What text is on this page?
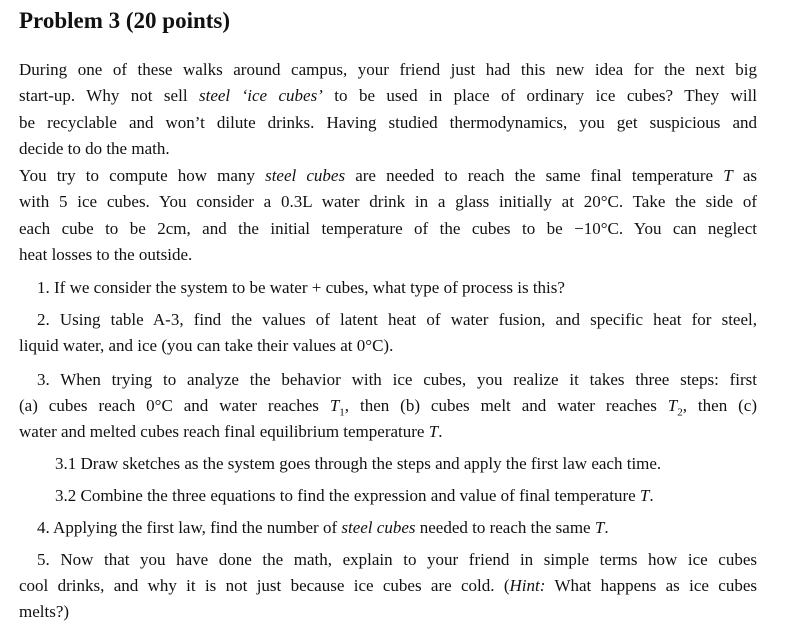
Problem 3 (20 points)
During one of these walks around campus, your friend just had this new idea for the next big
start-up. Why not sell steel ‘ice cubes’ to be used in place of ordinary ice cubes? They will
be recyclable and won’t dilute drinks. Having studied thermodynamics, you get suspicious and
decide to do the math.
You try to compute how many steel cubes are needed to reach the same final temperature T as
with 5 ice cubes. You consider a 0.3L water drink in a glass initially at 20°C. Take the side of
each cube to be 2cm, and the initial temperature of the cubes to be −10°C. You can neglect
heat losses to the outside.
1. If we consider the system to be water + cubes, what type of process is this?
2. Using table A-3, find the values of latent heat of water fusion, and specific heat for steel,
liquid water, and ice (you can take their values at 0°C).
3. When trying to analyze the behavior with ice cubes, you realize it takes three steps: first
(a) cubes reach 0°C and water reaches $T_1$, then (b) cubes melt and water reaches $T_2$, then (c)
water and melted cubes reach final equilibrium temperature T.
3.1 Draw sketches as the system goes through the steps and apply the first law each time.
3.2 Combine the three equations to find the expression and value of final temperature T.
4. Applying the first law, find the number of steel cubes needed to reach the same T.
5. Now that you have done the math, explain to your friend in simple terms how ice cubes
cool drinks, and why it is not just because ice cubes are cold. (Hint: What happens as ice cubes
melts?)
